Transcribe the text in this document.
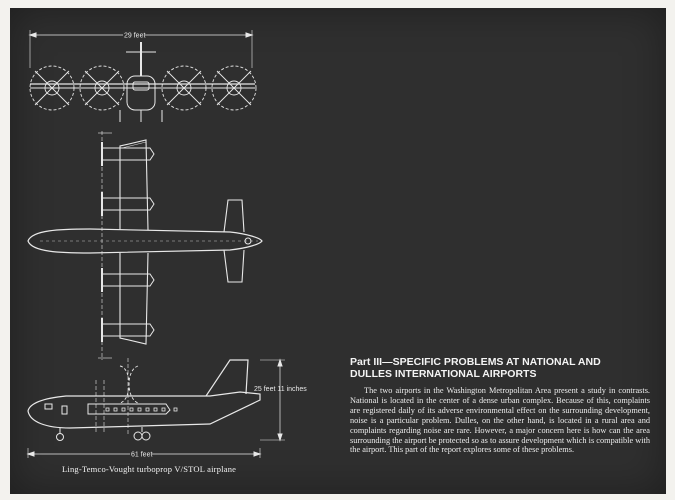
29 feet
25 feet 11 inches
61 feet
Part III—SPECIFIC PROBLEMS AT NATIONAL AND
DULLES INTERNATIONAL AIRPORTS

The two airports in the Washington Metropolitan Area present a study in contrasts. National is located in the center of a dense urban complex. Because of this, complaints are registered daily of its adverse environmental effect on the surrounding development, noise is a particular problem. Dulles, on the other hand, is located in a rural area and complaints regarding noise are rare. However, a major concern here is how can the area surrounding the airport be protected so as to assure development which is compatible with the airport. This part of the report explores some of these problems.

Ling-Temco-Vought turboprop V/STOL airplane
